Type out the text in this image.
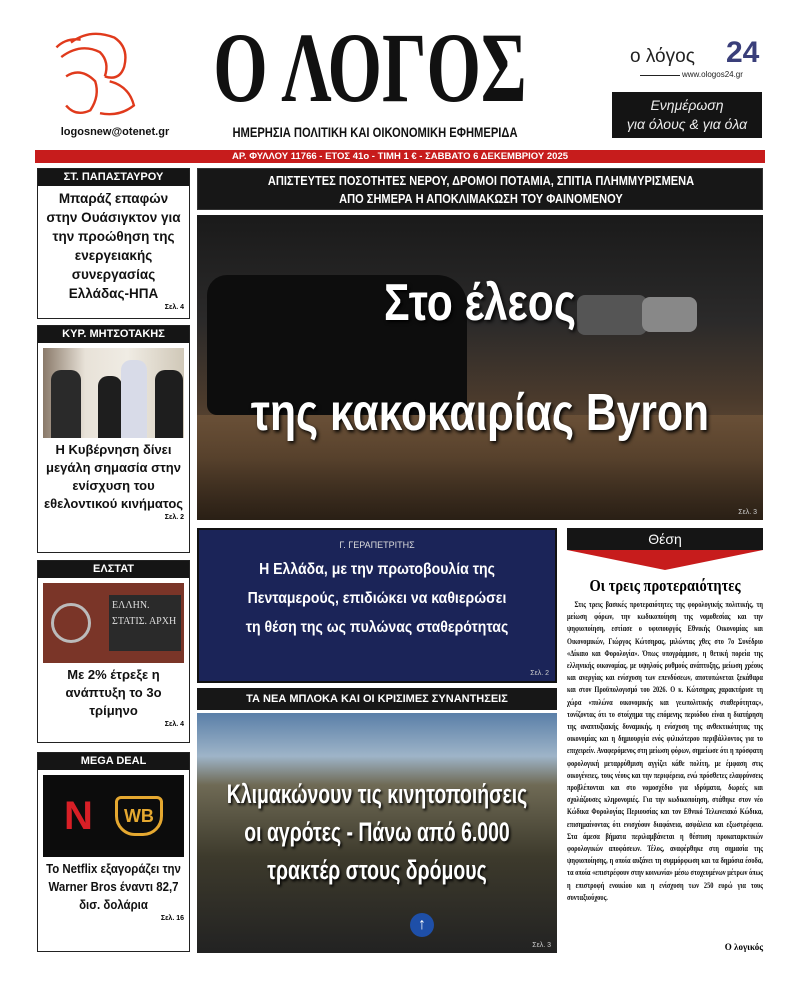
logosnew@otenet.gr
Ο ΛΟΓΟΣ
ΗΜΕΡΗΣΙΑ ΠΟΛΙΤΙΚΗ ΚΑΙ ΟΙΚΟΝΟΜΙΚΗ ΕΦΗΜΕΡΙΔΑ
ο λόγος 24
www.ologos24.gr
Ενημέρωση
για όλους & για όλα
ΑΡ. ΦΥΛΛΟΥ 11766 - ΕΤΟΣ 41ο - ΤΙΜΗ 1 € - ΣΑΒΒΑΤΟ 6 ΔΕΚΕΜΒΡΙΟΥ 2025
ΣΤ. ΠΑΠΑΣΤΑΥΡΟΥ
Μπαράζ επαφών στην Ουάσιγκτον για την προώθηση της ενεργειακής συνεργασίας Ελλάδας-ΗΠΑ
Σελ. 4
ΚΥΡ. ΜΗΤΣΟΤΑΚΗΣ
Η Κυβέρνηση δίνει μεγάλη σημασία στην ενίσχυση του εθελοντικού κινήματος
Σελ. 2
ΕΛΣΤΑΤ
ΕΛΛΗΝ. ΣΤΑΤΙΣ. ΑΡΧΗ
Με 2% έτρεξε η ανάπτυξη το 3ο τρίμηνο
Σελ. 4
MEGA DEAL
N	WB
Το Netflix εξαγοράζει την Warner Bros έναντι 82,7 δισ. δολάρια
Σελ. 16
ΑΠΙΣΤΕΥΤΕΣ ΠΟΣΟΤΗΤΕΣ ΝΕΡΟΥ, ΔΡΟΜΟΙ ΠΟΤΑΜΙΑ, ΣΠΙΤΙΑ ΠΛΗΜΜΥΡΙΣΜΕΝΑ
ΑΠΟ ΣΗΜΕΡΑ Η ΑΠΟΚΛΙΜΑΚΩΣΗ ΤΟΥ ΦΑΙΝΟΜΕΝΟΥ
Στο έλεος
της κακοκαιρίας Byron
Σελ. 3
Γ. ΓΕΡΑΠΕΤΡΙΤΗΣ
Η Ελλάδα, με την πρωτοβουλία της
Πενταμερούς, επιδιώκει να καθιερώσει
τη θέση της ως πυλώνας σταθερότητας
Σελ. 2
ΤΑ ΝΕΑ ΜΠΛΟΚΑ ΚΑΙ ΟΙ ΚΡΙΣΙΜΕΣ ΣΥΝΑΝΤΗΣΕΙΣ
Κλιμακώνουν τις κινητοποιήσεις
οι αγρότες - Πάνω από 6.000
τρακτέρ στους δρόμους
↑
Σελ. 3
Θέση
Οι τρεις προτεραιότητες
Στις τρεις βασικές προτεραιότητες της φορολογικής πολιτικής, τη μείωση φόρων, την κωδικοποίηση της νομοθεσίας και την ψηφιοποίηση, εστίασε ο υφυπουργός Εθνικής Οικονομίας και Οικονομικών, Γιώργος Κώτσηρας, μιλώντας χθες στο 7ο Συνέδριο «Δίκαιο και Φορολογία». Όπως υπογράμμισε, η θετική πορεία της ελληνικής οικονομίας, με υψηλούς ρυθμούς ανάπτυξης, μείωση χρέους και ανεργίας και ενίσχυση των επενδύσεων, αποτυπώνεται ξεκάθαρα και στον Προϋπολογισμό του 2026. Ο κ. Κώτσηρας χαρακτήρισε τη χώρα «πυλώνα οικονομικής και γεωπολιτικής σταθερότητας», τονίζοντας ότι το στοίχημα της επόμενης περιόδου είναι η διατήρηση της αναπτυξιακής δυναμικής, η ενίσχυση της ανθεκτικότητας της οικονομίας και η δημιουργία ενός φιλικότερου περιβάλλοντος για το επιχειρείν. Αναφερόμενος στη μείωση φόρων, σημείωσε ότι η πρόσφατη φορολογική μεταρρύθμιση αγγίζει κάθε πολίτη, με έμφαση στις οικογένειες, τους νέους και την περιφέρεια, ενώ πρόσθετες ελαφρύνσεις προβλέπονται και στο νομοσχέδιο για ιδρύματα, δωρεές και σχολάζουσες κληρονομιές. Για την κωδικοποίηση, στάθηκε στον νέο Κώδικα Φορολογίας Περιουσίας και τον Εθνικό Τελωνειακό Κώδικα, επισημαίνοντας ότι ενισχύουν διαφάνεια, ασφάλεια και εξωστρέφεια. Στα άμεσα βήματα περιλαμβάνεται η θέσπιση προκαταρκτικών φορολογικών αποφάσεων. Τέλος, αναφέρθηκε στη σημασία της ψηφιοποίησης, η οποία αυξάνει τη συμμόρφωση και τα δημόσια έσοδα, τα οποία «επιστρέφουν στην κοινωνία» μέσω στοχευμένων μέτρων όπως η επιστροφή ενοικίου και η ενίσχυση των 250 ευρώ για τους συνταξιούχους.
Ο λογικός
